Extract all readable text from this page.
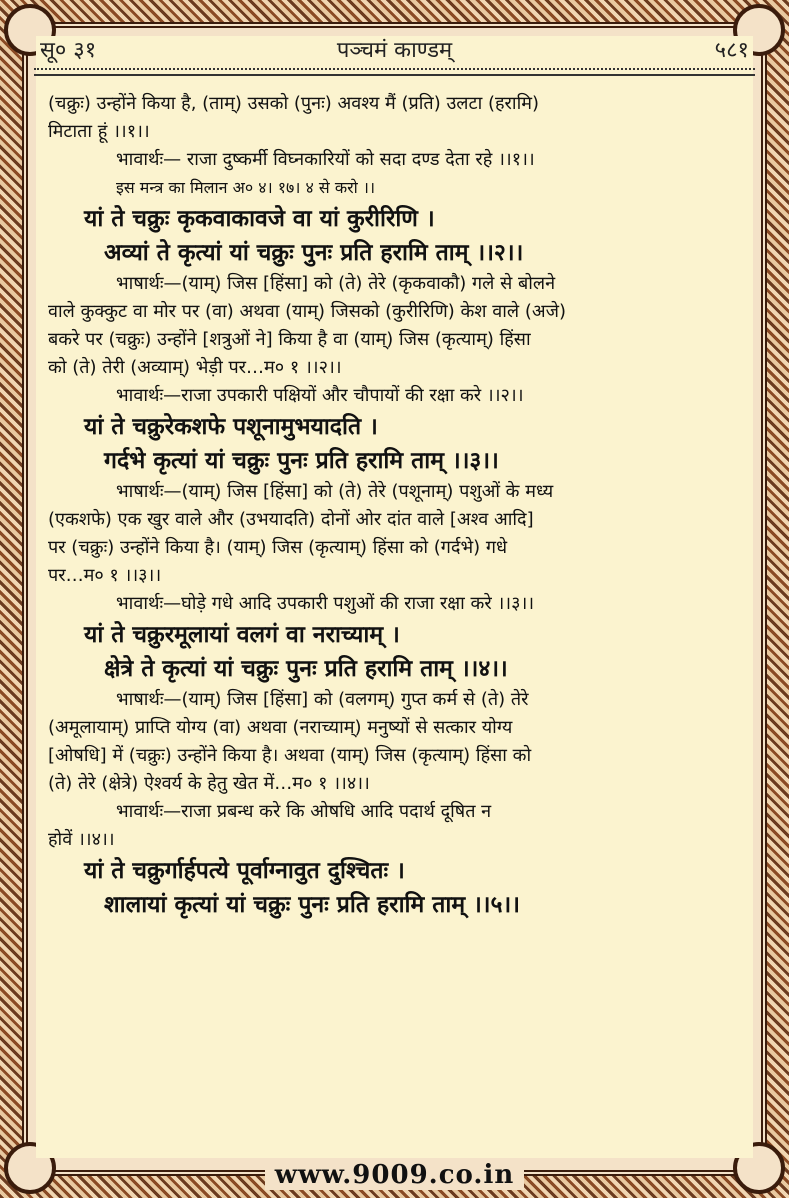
सू० ३१	पञ्चमं काण्डम्	५८१

(चक्रुः) उन्होंने किया है, (ताम्) उसको (पुनः) अवश्य मैं (प्रति) उलटा (हरामि)

मिटाता हूं ।।१।।

भावार्थः— राजा दुष्कर्मी विघ्नकारियों को सदा दण्ड देता रहे ।।१।।

इस मन्त्र का मिलान अ० ४। १७। ४ से करो ।।

यां ते चक्रुः कृकवाकावजे वा यां कुरीरिणि ।

अव्यां ते कृत्यां यां चक्रुः पुनः प्रति हरामि ताम् ।।२।।

भाषार्थः—(याम्) जिस [हिंसा] को (ते) तेरे (कृकवाकौ) गले से बोलने

वाले कुक्कुट वा मोर पर (वा) अथवा (याम्) जिसको (कुरीरिणि) केश वाले (अजे)

बकरे पर (चक्रुः) उन्होंने [शत्रुओं ने] किया है वा (याम्) जिस (कृत्याम्) हिंसा

को (ते) तेरी (अव्याम्) भेड़ी पर…म० १ ।।२।।

भावार्थः—राजा उपकारी पक्षियों और चौपायों की रक्षा करे ।।२।।

यां ते चक्रुरेकशफे पशूनामुभयादति ।

गर्दभे कृत्यां यां चक्रुः पुनः प्रति हरामि ताम् ।।३।।

भाषार्थः—(याम्) जिस [हिंसा] को (ते) तेरे (पशूनाम्) पशुओं के मध्य

(एकशफे) एक खुर वाले और (उभयादति) दोनों ओर दांत वाले [अश्व आदि]

पर (चक्रुः) उन्होंने किया है। (याम्) जिस (कृत्याम्) हिंसा को (गर्दभे) गधे

पर…म० १ ।।३।।

भावार्थः—घोड़े गधे आदि उपकारी पशुओं की राजा रक्षा करे ।।३।।

यां ते चक्रुरमूलायां वलगं वा नराच्याम् ।

क्षेत्रे ते कृत्यां यां चक्रुः पुनः प्रति हरामि ताम् ।।४।।

भाषार्थः—(याम्) जिस [हिंसा] को (वलगम्) गुप्त कर्म से (ते) तेरे

(अमूलायाम्) प्राप्ति योग्य (वा) अथवा (नराच्याम्) मनुष्यों से सत्कार योग्य

[ओषधि] में (चक्रुः) उन्होंने किया है। अथवा (याम्) जिस (कृत्याम्) हिंसा को

(ते) तेरे (क्षेत्रे) ऐश्वर्य के हेतु खेत में…म० १ ।।४।।

भावार्थः—राजा प्रबन्ध करे कि ओषधि आदि पदार्थ दूषित न

होवें ।।४।।

यां ते चक्रुर्गार्हपत्ये पूर्वाग्नावुत दुश्चितः ।

शालायां कृत्यां यां चक्रुः पुनः प्रति हरामि ताम् ।।५।।

www.9009.co.in
